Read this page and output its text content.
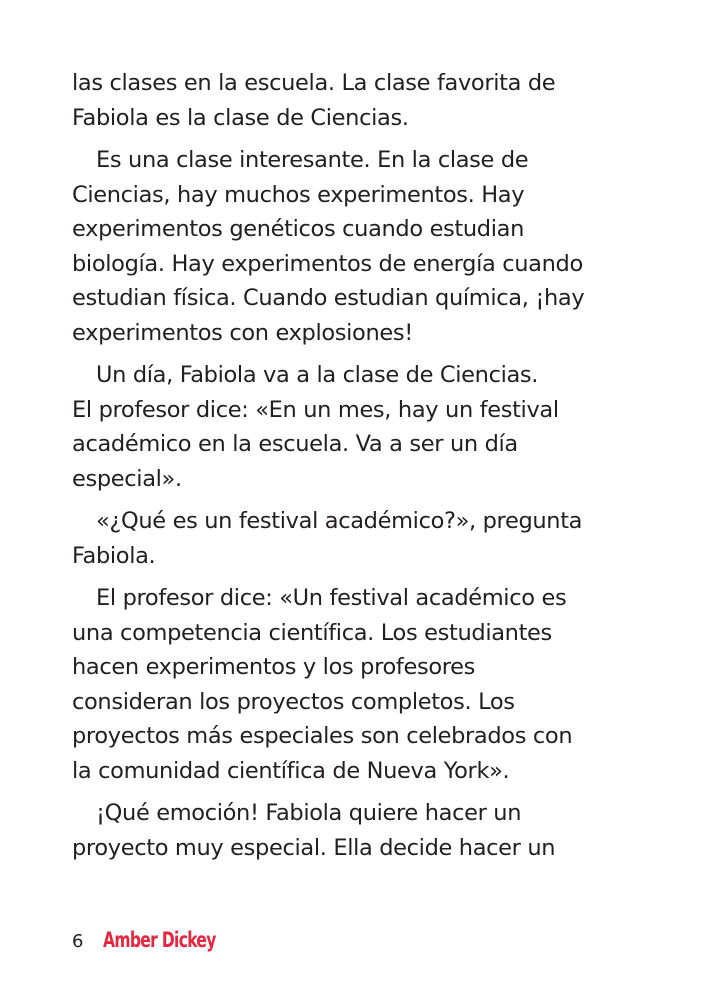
las clases en la escuela. La clase favorita de
Fabiola es la clase de Ciencias.

Es una clase interesante. En la clase de
Ciencias, hay muchos experimentos. Hay
experimentos genéticos cuando estudian
biología. Hay experimentos de energía cuando
estudian física. Cuando estudian química, ¡hay
experimentos con explosiones!

Un día, Fabiola va a la clase de Ciencias.
El profesor dice: «En un mes, hay un festival
académico en la escuela. Va a ser un día
especial».

«¿Qué es un festival académico?», pregunta
Fabiola.

El profesor dice: «Un festival académico es
una competencia científica. Los estudiantes
hacen experimentos y los profesores
consideran los proyectos completos. Los
proyectos más especiales son celebrados con
la comunidad científica de Nueva York».

¡Qué emoción! Fabiola quiere hacer un
proyecto muy especial. Ella decide hacer un

6 Amber Dickey
